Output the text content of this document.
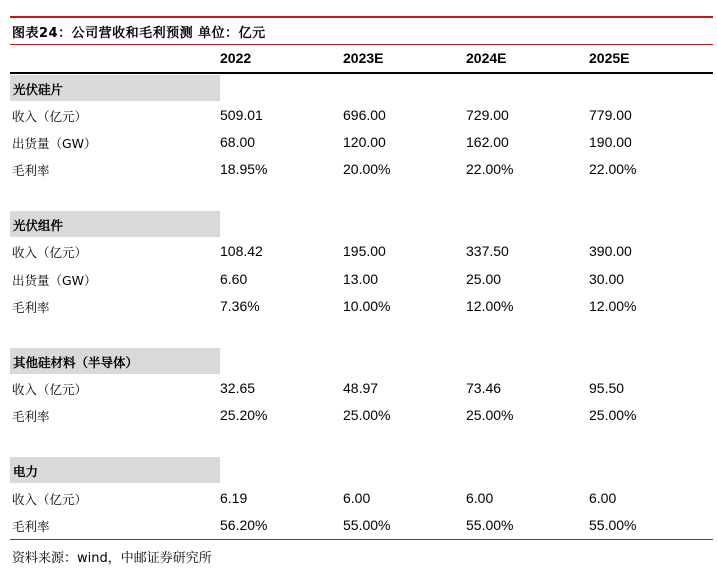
图表24：公司营收和毛利预测 单位：亿元
2022	2023E	2024E	2025E
光伏硅片
收入（亿元）	509.01	696.00	729.00	779.00
出货量（GW）	68.00	120.00	162.00	190.00
毛利率	18.95%	20.00%	22.00%	22.00%
光伏组件
收入（亿元）	108.42	195.00	337.50	390.00
出货量（GW）	6.60	13.00	25.00	30.00
毛利率	7.36%	10.00%	12.00%	12.00%
其他硅材料（半导体）
收入（亿元）	32.65	48.97	73.46	95.50
毛利率	25.20%	25.00%	25.00%	25.00%
电力
收入（亿元）	6.19	6.00	6.00	6.00
毛利率	56.20%	55.00%	55.00%	55.00%
资料来源：wind，中邮证券研究所
